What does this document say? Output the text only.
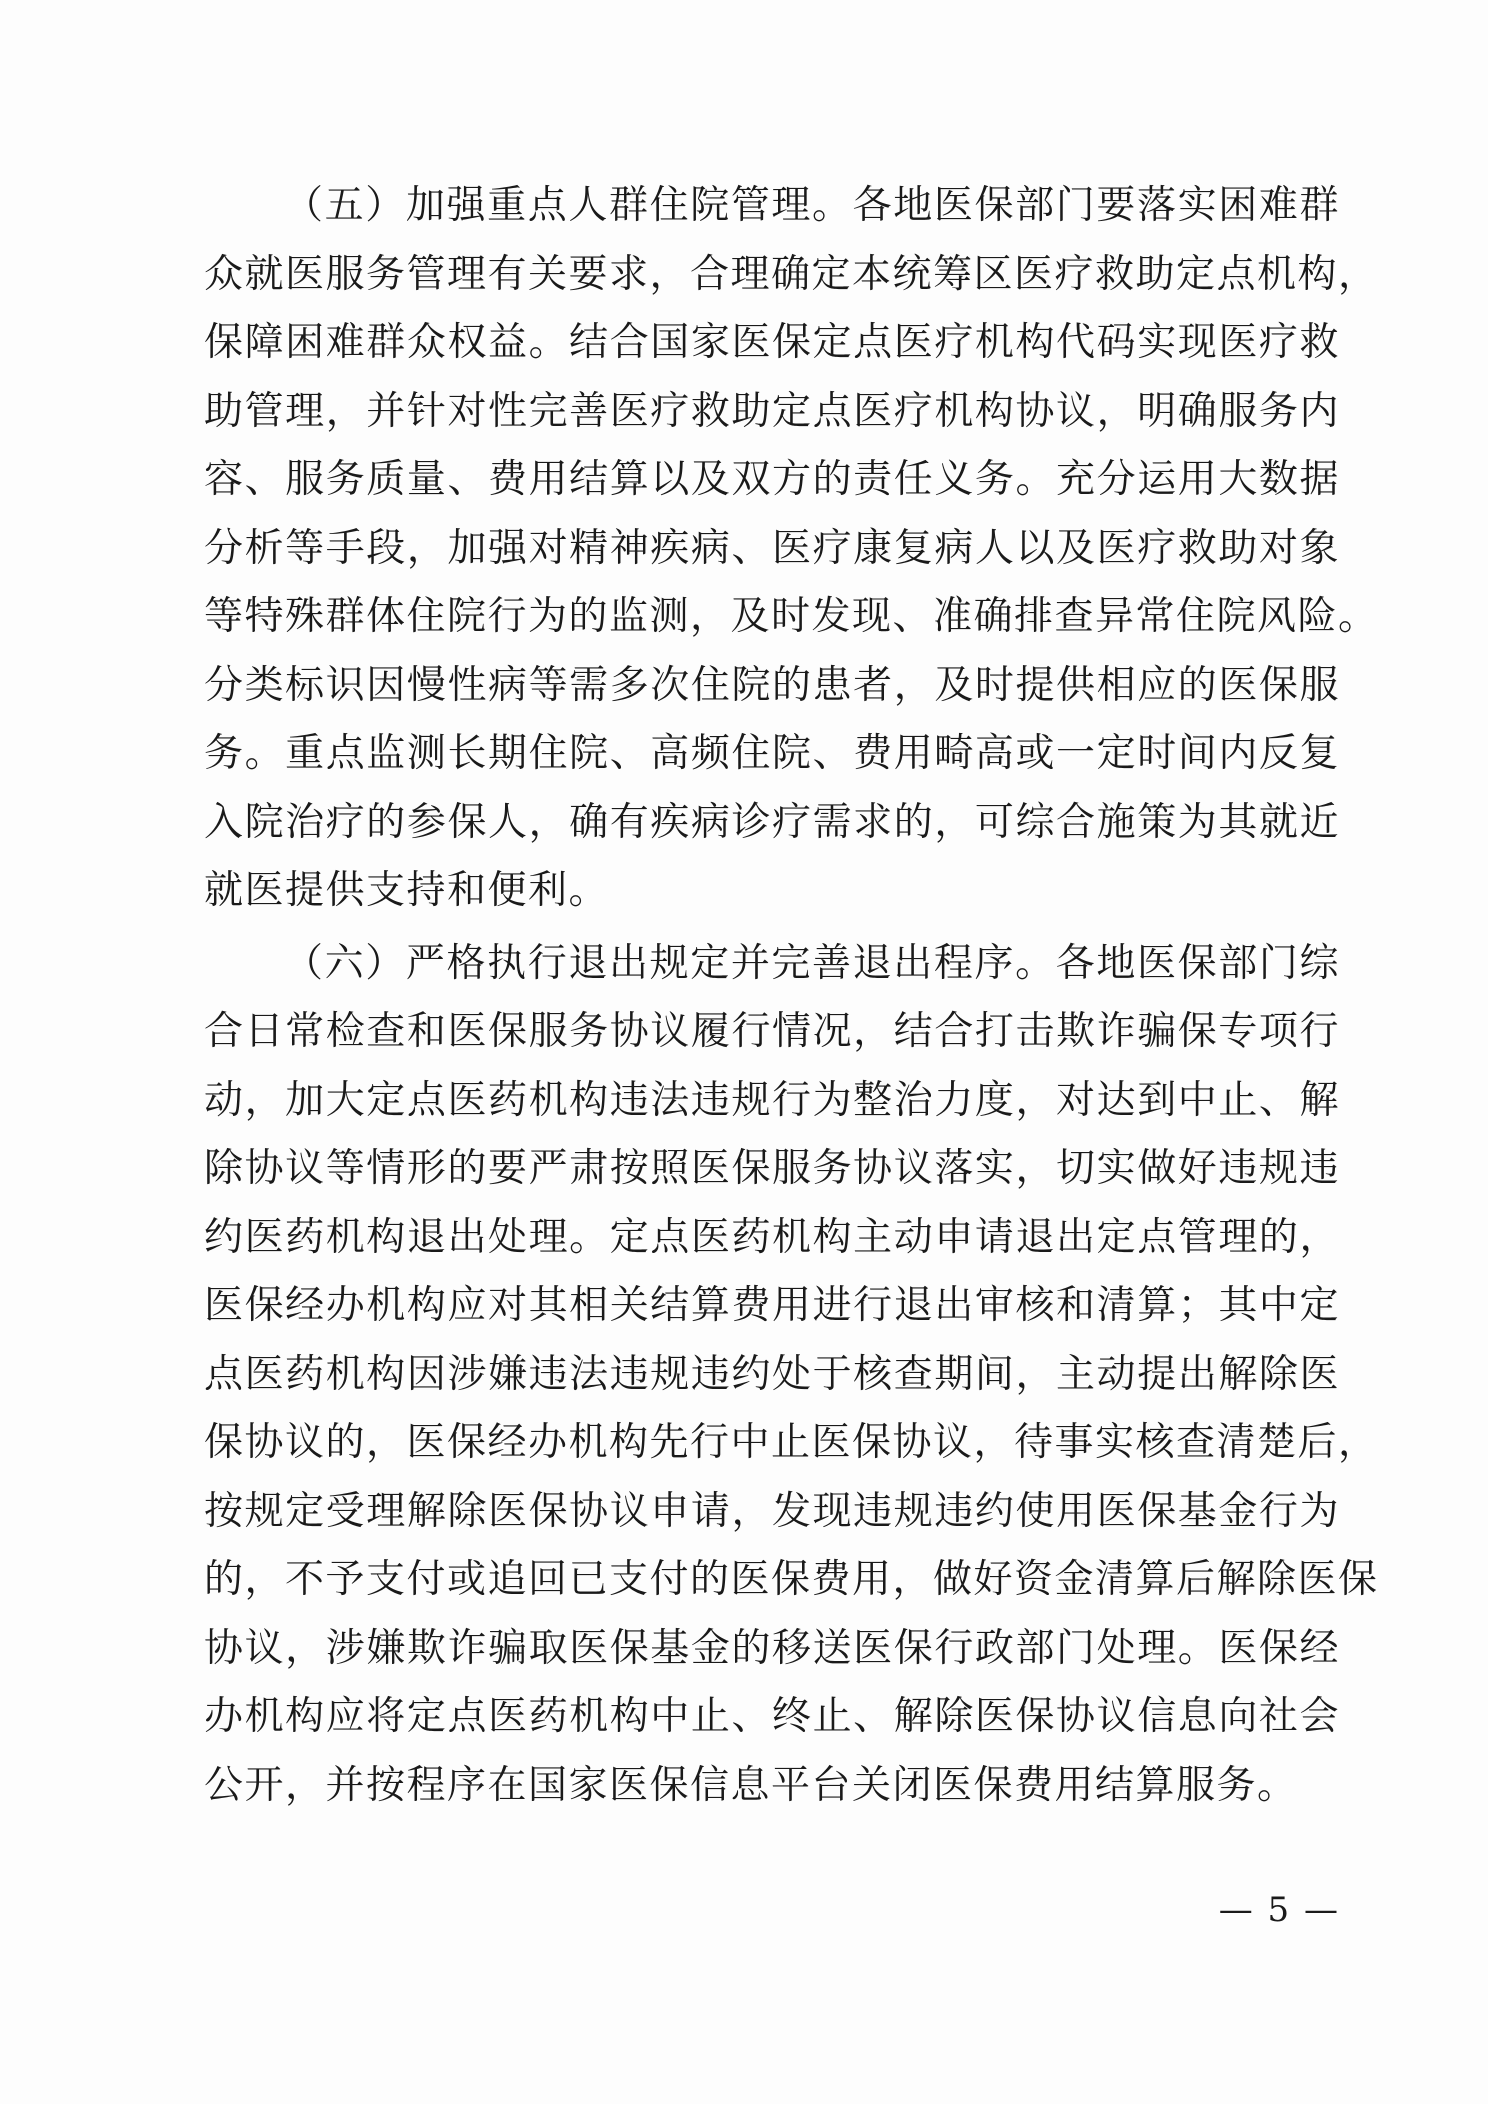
（五）加强重点人群住院管理。各地医保部门要落实困难群
众就医服务管理有关要求，合理确定本统筹区医疗救助定点机构，
保障困难群众权益。结合国家医保定点医疗机构代码实现医疗救
助管理，并针对性完善医疗救助定点医疗机构协议，明确服务内
容、服务质量、费用结算以及双方的责任义务。充分运用大数据
分析等手段，加强对精神疾病、医疗康复病人以及医疗救助对象
等特殊群体住院行为的监测，及时发现、准确排查异常住院风险。
分类标识因慢性病等需多次住院的患者，及时提供相应的医保服
务。重点监测长期住院、高频住院、费用畸高或一定时间内反复
入院治疗的参保人，确有疾病诊疗需求的，可综合施策为其就近
就医提供支持和便利。
（六）严格执行退出规定并完善退出程序。各地医保部门综
合日常检查和医保服务协议履行情况，结合打击欺诈骗保专项行
动，加大定点医药机构违法违规行为整治力度，对达到中止、解
除协议等情形的要严肃按照医保服务协议落实，切实做好违规违
约医药机构退出处理。定点医药机构主动申请退出定点管理的，
医保经办机构应对其相关结算费用进行退出审核和清算；其中定
点医药机构因涉嫌违法违规违约处于核查期间，主动提出解除医
保协议的，医保经办机构先行中止医保协议，待事实核查清楚后，
按规定受理解除医保协议申请，发现违规违约使用医保基金行为
的，不予支付或追回已支付的医保费用，做好资金清算后解除医保
协议，涉嫌欺诈骗取医保基金的移送医保行政部门处理。医保经
办机构应将定点医药机构中止、终止、解除医保协议信息向社会
公开，并按程序在国家医保信息平台关闭医保费用结算服务。
— 5 —
